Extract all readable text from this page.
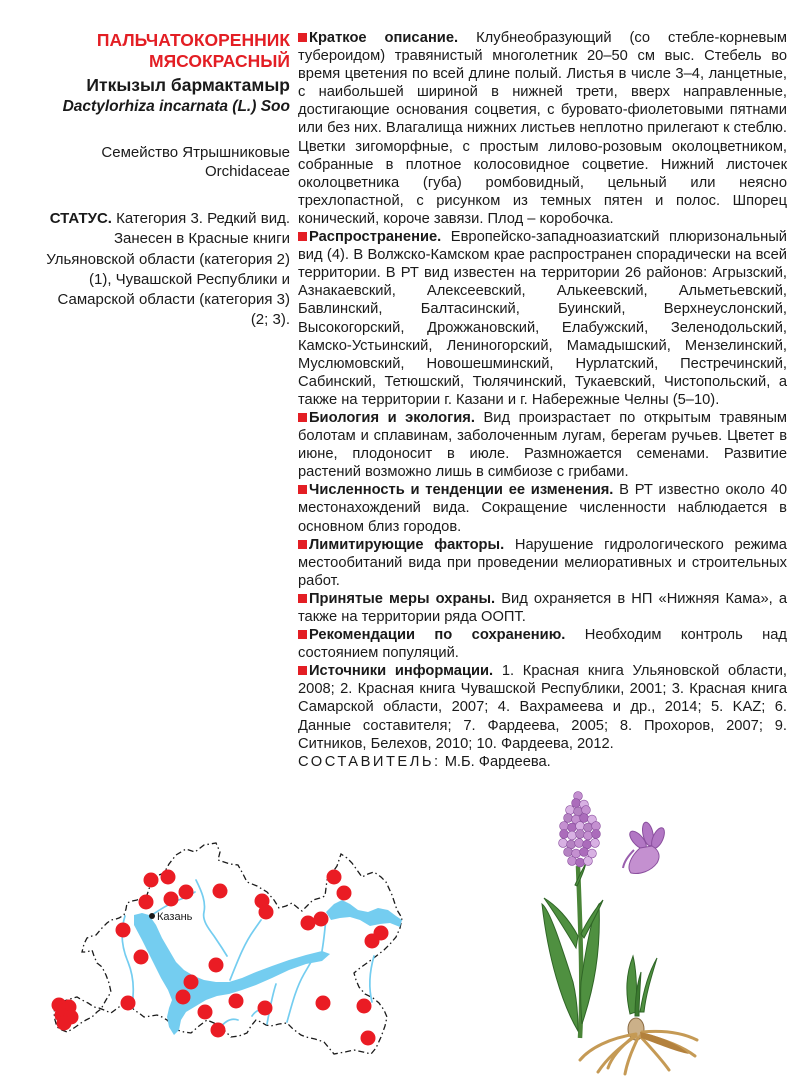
ПАЛЬЧАТОКОРЕННИК МЯСОКРАСНЫЙ
Иткызыл бармактамыр
Dactylorhiza incarnata (L.) Soo

Семейство Ятрышниковые Orchidaceae

СТАТУС. Категория 3. Редкий вид. Занесен в Красные книги Ульяновской области (категория 2) (1), Чувашской Республики и Самарской области (категория 3) (2; 3).

Краткое описание. Клубнеобразующий (со стебле-корневым тубероидом) травянистый многолетник 20–50 см выс. Стебель во время цветения по всей длине полый. Листья в числе 3–4, ланцетные, с наибольшей шириной в нижней трети, вверх направленные, достигающие основания соцветия, с буровато-фиолетовыми пятнами или без них. Влагалища нижних листьев неплотно прилегают к стеблю. Цветки зигоморфные, с простым лилово-розовым околоцветником, собранные в плотное колосовидное соцветие. Нижний листочек околоцветника (губа) ромбовидный, цельный или неясно трехлопастной, с рисунком из темных пятен и полос. Шпорец конический, короче завязи. Плод – коробочка.

Распространение. Европейско-западноазиатский плюризональный вид (4). В Волжско-Камском крае распространен спорадически на всей территории. В РТ вид известен на территории 26 районов: Агрызский, Азнакаевский, Алексеевский, Алькеевский, Альметьевский, Бавлинский, Балтасинский, Буинский, Верхнеуслонский, Высокогорский, Дрожжановский, Елабужский, Зеленодольский, Камско-Устьинский, Лениногорский, Мамадышский, Мензелинский, Муслюмовский, Новошешминский, Нурлатский, Пестречинский, Сабинский, Тетюшский, Тюлячинский, Тукаевский, Чистопольский, а также на территории г. Казани и г. Набережные Челны (5–10).

Биология и экология. Вид произрастает по открытым травяным болотам и сплавинам, заболоченным лугам, берегам ручьев. Цветет в июне, плодоносит в июле. Размножается семенами. Развитие растений возможно лишь в симбиозе с грибами.

Численность и тенденции ее изменения. В РТ известно около 40 местонахождений вида. Сокращение численности наблюдается в основном близ городов.

Лимитирующие факторы. Нарушение гидрологического режима местообитаний вида при проведении мелиоративных и строительных работ.

Принятые меры охраны. Вид охраняется в НП «Нижняя Кама», а также на территории ряда ООПТ.

Рекомендации по сохранению. Необходим контроль над состоянием популяций.

Источники информации. 1. Красная книга Ульяновской области, 2008; 2. Красная книга Чувашской Республики, 2001; 3. Красная книга Самарской области, 2007; 4. Вахрамеева и др., 2014; 5. KAZ; 6. Данные составителя; 7. Фардеева, 2005; 8. Прохоров, 2007; 9. Ситников, Белехов, 2010; 10. Фардеева, 2012.

СОСТАВИТЕЛЬ: М.Б. Фардеева.

Казань
